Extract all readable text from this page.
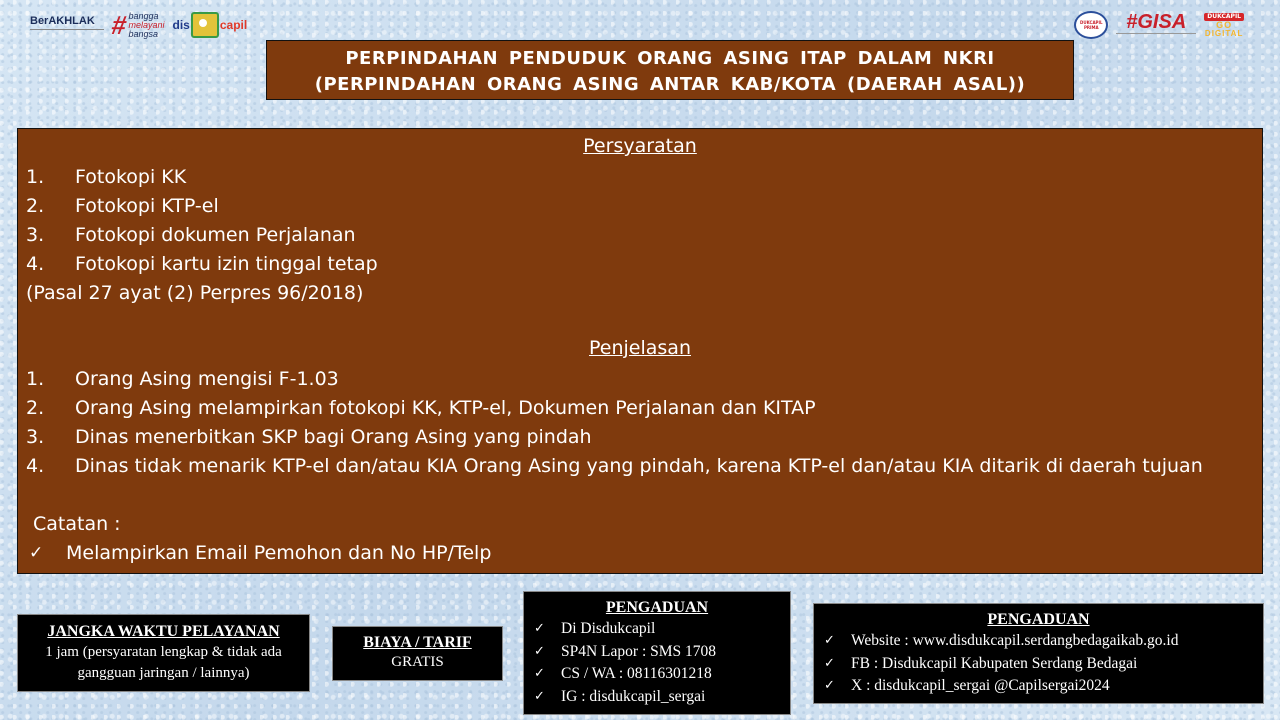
BerAKHLAK # bangga
melayani
bangsa
dis	capil	DUKCAPIL PRIMA	#GISA	DUKCAPIL
GO
DIGITAL
PERPINDAHAN PENDUDUK ORANG ASING ITAP DALAM NKRI
(PERPINDAHAN ORANG ASING ANTAR KAB/KOTA (DAERAH ASAL))
Persyaratan
1.	Fotokopi KK
2.	Fotokopi KTP-el
3.	Fotokopi dokumen Perjalanan
4.	Fotokopi kartu izin tinggal tetap
(Pasal 27 ayat (2) Perpres 96/2018)
Penjelasan
1.	Orang Asing mengisi F-1.03
2.	Orang Asing melampirkan fotokopi KK, KTP-el, Dokumen Perjalanan dan KITAP
3.	Dinas menerbitkan SKP bagi Orang Asing yang pindah
4.	Dinas tidak menarik KTP-el dan/atau KIA Orang Asing yang pindah, karena KTP-el dan/atau KIA ditarik di daerah tujuan
Catatan :
✓	Melampirkan Email Pemohon dan No HP/Telp
JANGKA WAKTU PELAYANAN
1 jam (persyaratan lengkap & tidak ada gangguan jaringan / lainnya)
BIAYA / TARIF
GRATIS
PENGADUAN
✓	Di Disdukcapil
✓	SP4N Lapor : SMS 1708
✓	CS / WA : 08116301218
✓	IG : disdukcapil_sergai
PENGADUAN
✓	Website : www.disdukcapil.serdangbedagaikab.go.id
✓	FB : Disdukcapil Kabupaten Serdang Bedagai
✓	X : disdukcapil_sergai @Capilsergai2024
